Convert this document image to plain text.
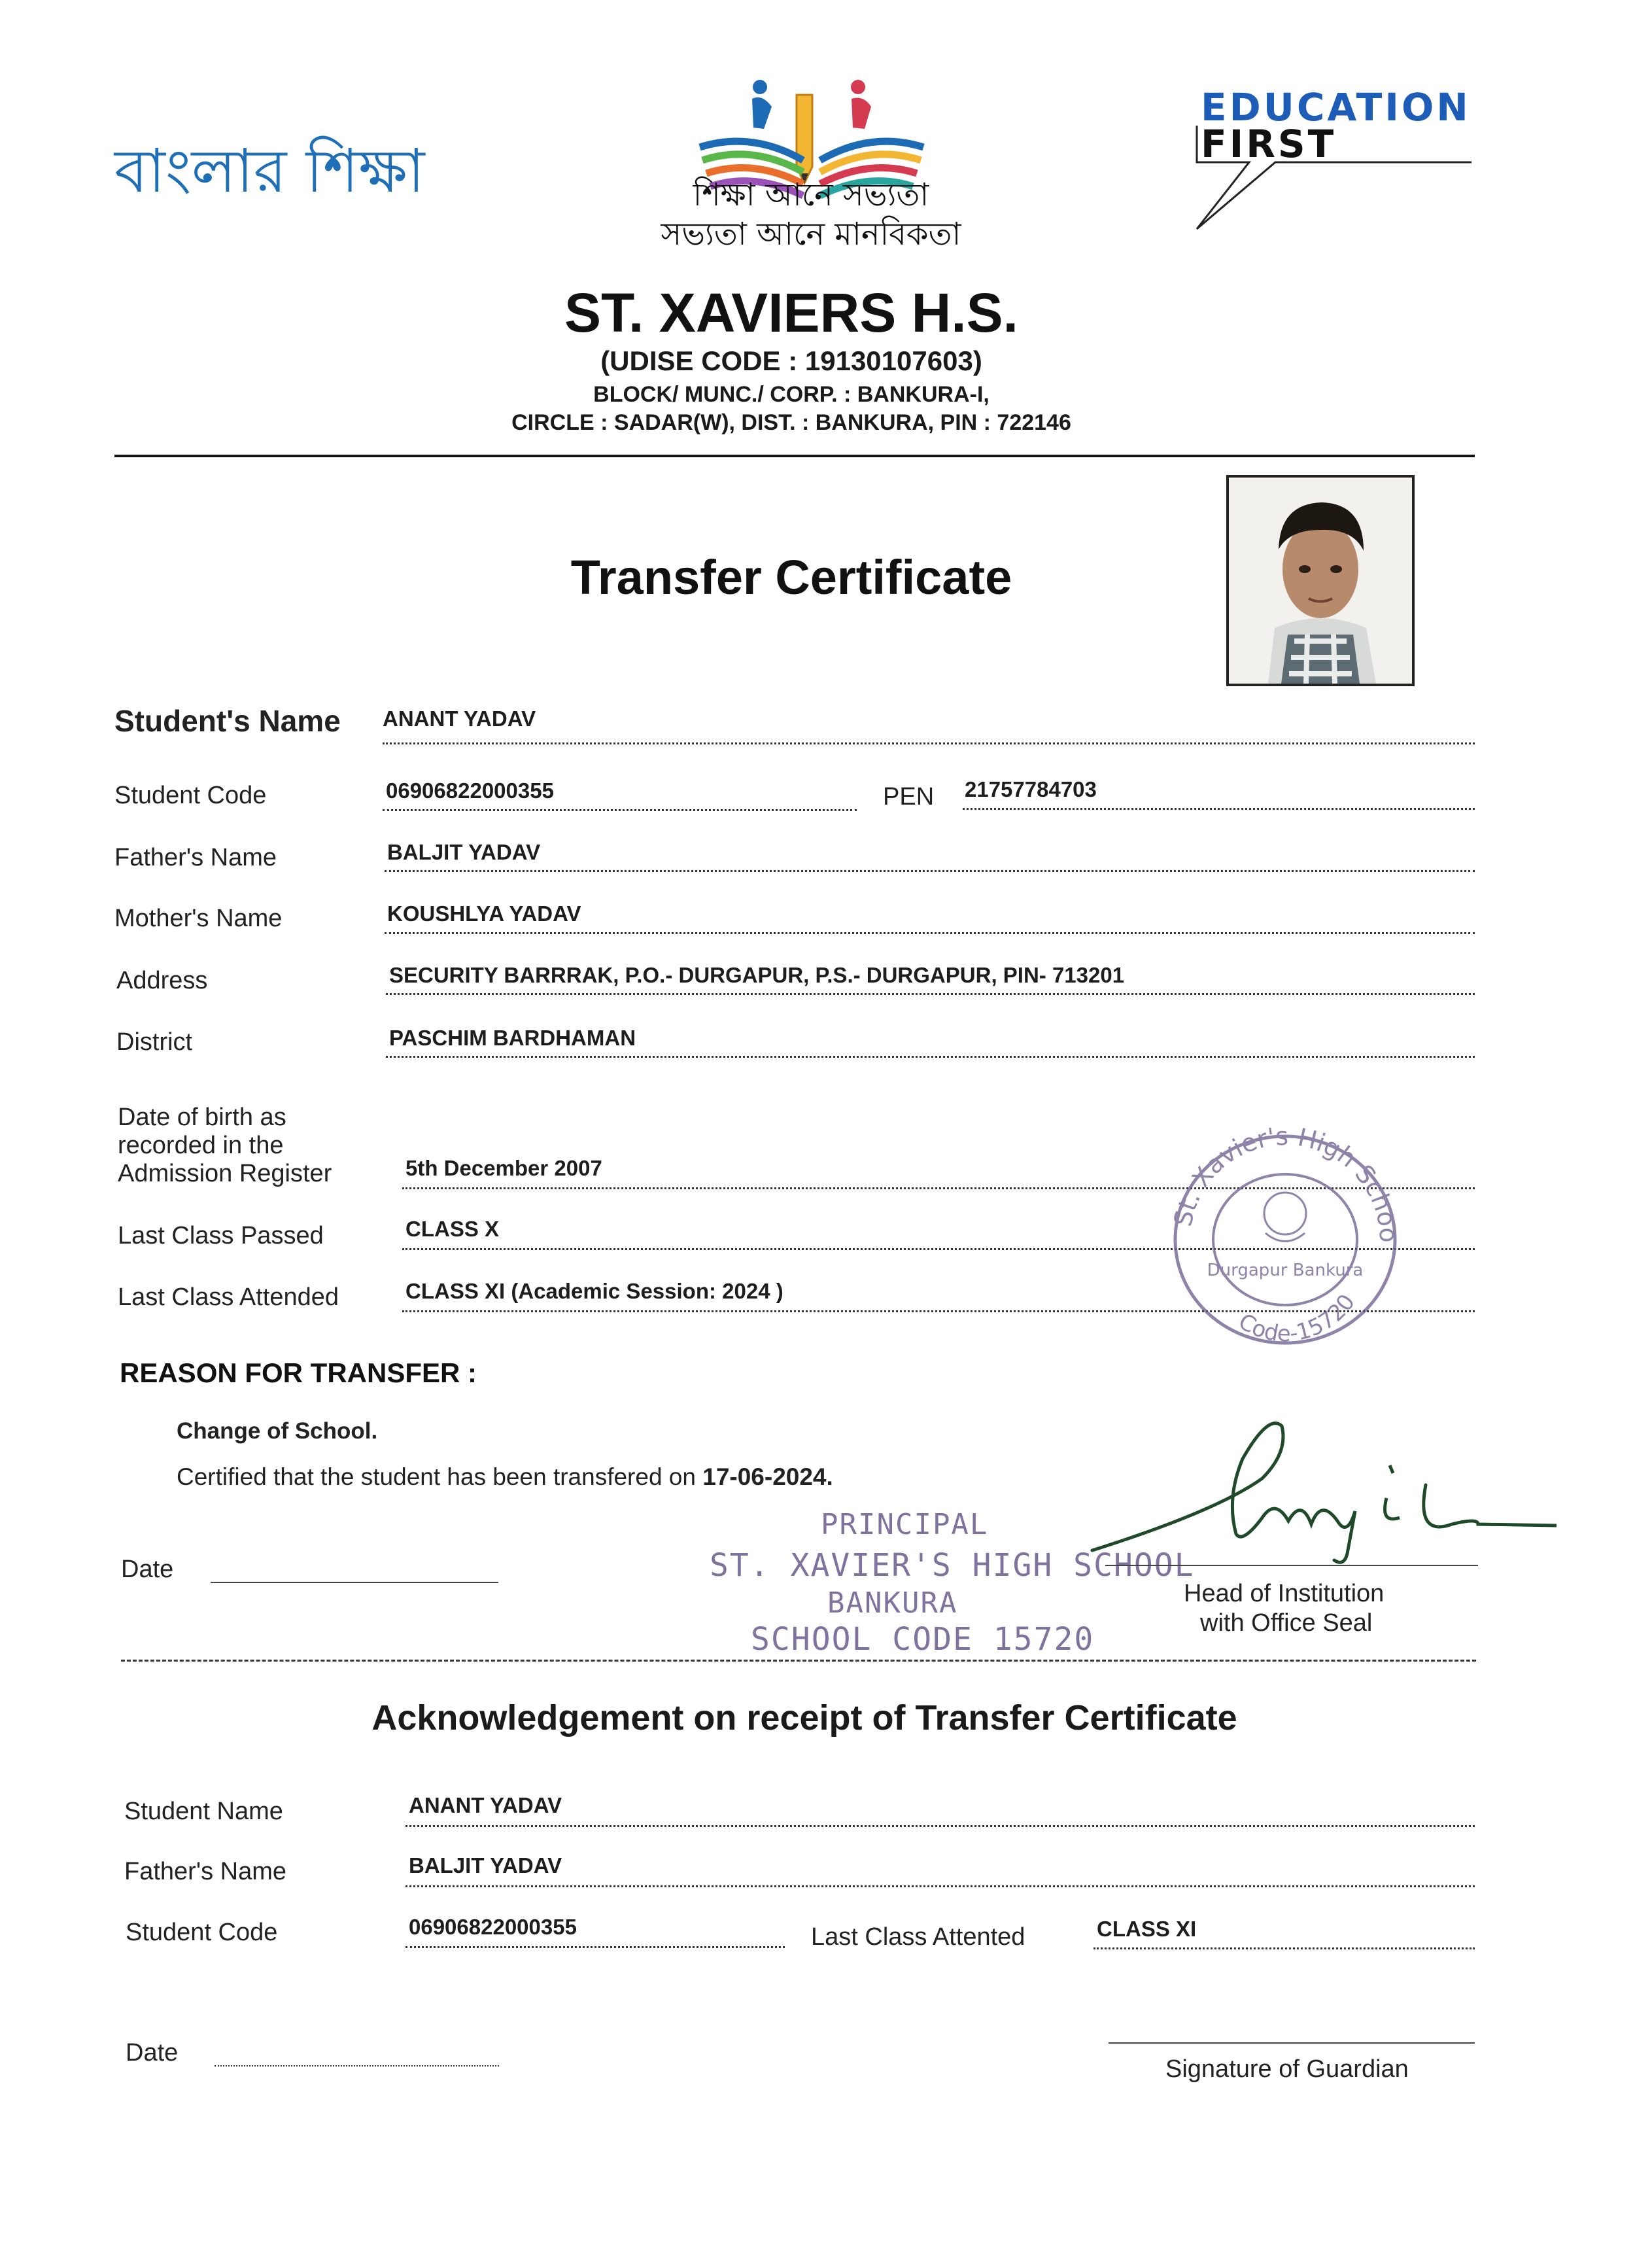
বাংলার শিক্ষা	শিক্ষা আনে সভ্যতা
সভ্যতা আনে মানবিকতা
EDUCATION
FIRST
ST. XAVIERS H.S.
(UDISE CODE : 19130107603)
BLOCK/ MUNC./ CORP. : BANKURA-I,
CIRCLE : SADAR(W), DIST. : BANKURA, PIN : 722146
Transfer Certificate
Student's Name ANANT YADAV
Student Code	06906822000355	PEN 21757784703
Father's Name	BALJIT YADAV
Mother's Name	KOUSHLYA YADAV
Address	SECURITY BARRRAK, P.O.- DURGAPUR, P.S.- DURGAPUR, PIN- 713201
District	PASCHIM BARDHAMAN
Date of birth as
recorded in the
Admission Register	5th December 2007
Last Class Passed	CLASS X
Last Class Attended	CLASS XI (Academic Session: 2024 )
St. Xavier's High Schoo
Code-15720
Durgapur Bankura
REASON FOR TRANSFER :
Change of School.
Certified that the student has been transfered on 17-06-2024.
Date
PRINCIPAL
ST. XAVIER'S HIGH SCHOOL
BANKURA
SCHOOL CODE 15720
Head of Institution
with Office Seal
Acknowledgement on receipt of Transfer Certificate
Student Name	ANANT YADAV
Father's Name	BALJIT YADAV
Student Code	06906822000355	Last Class Attented	CLASS XI
Date
Signature of Guardian
